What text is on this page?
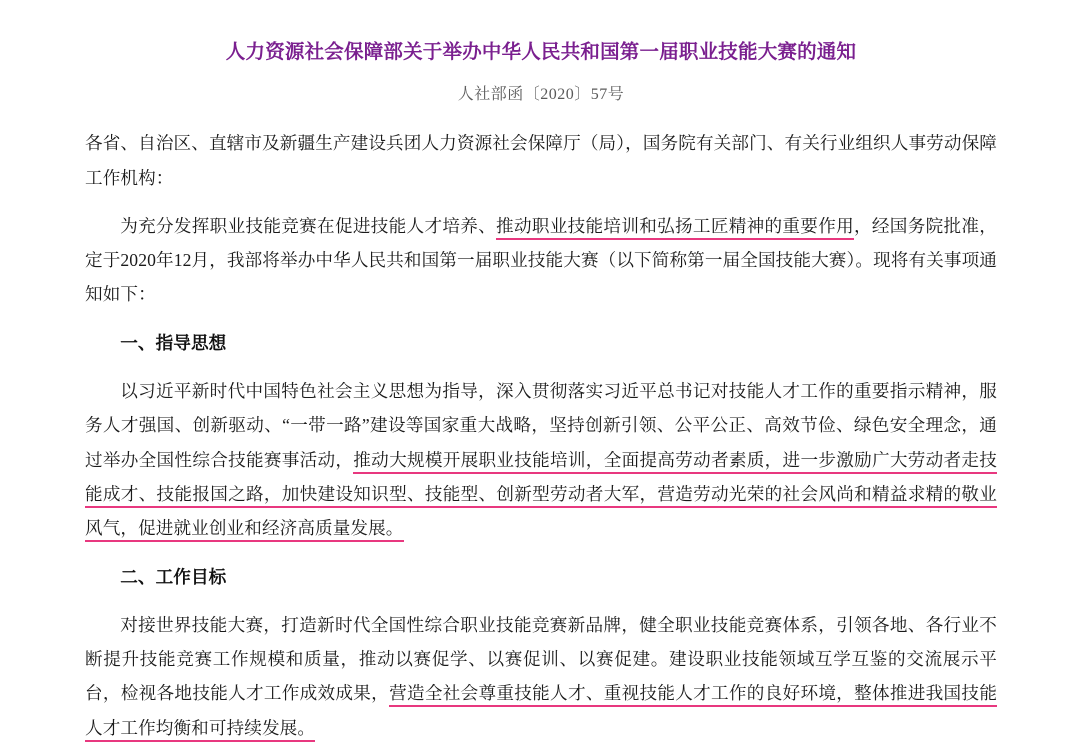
人力资源社会保障部关于举办中华人民共和国第一届职业技能大赛的通知
人社部函〔2020〕57号

各省、自治区、直辖市及新疆生产建设兵团人力资源社会保障厅（局），国务院有关部门、有关行业组织人事劳动保障工作机构：

为充分发挥职业技能竞赛在促进技能人才培养、推动职业技能培训和弘扬工匠精神的重要作用，经国务院批准，定于2020年12月，我部将举办中华人民共和国第一届职业技能大赛（以下简称第一届全国技能大赛）。现将有关事项通知如下：

一、指导思想

以习近平新时代中国特色社会主义思想为指导，深入贯彻落实习近平总书记对技能人才工作的重要指示精神，服务人才强国、创新驱动、“一带一路”建设等国家重大战略，坚持创新引领、公平公正、高效节俭、绿色安全理念，通过举办全国性综合技能赛事活动，推动大规模开展职业技能培训，全面提高劳动者素质，进一步激励广大劳动者走技能成才、技能报国之路，加快建设知识型、技能型、创新型劳动者大军，营造劳动光荣的社会风尚和精益求精的敬业风气，促进就业创业和经济高质量发展。

二、工作目标

对接世界技能大赛，打造新时代全国性综合职业技能竞赛新品牌，健全职业技能竞赛体系，引领各地、各行业不断提升技能竞赛工作规模和质量，推动以赛促学、以赛促训、以赛促建。建设职业技能领域互学互鉴的交流展示平台，检视各地技能人才工作成效成果，营造全社会尊重技能人才、重视技能人才工作的良好环境，整体推进我国技能人才工作均衡和可持续发展。
